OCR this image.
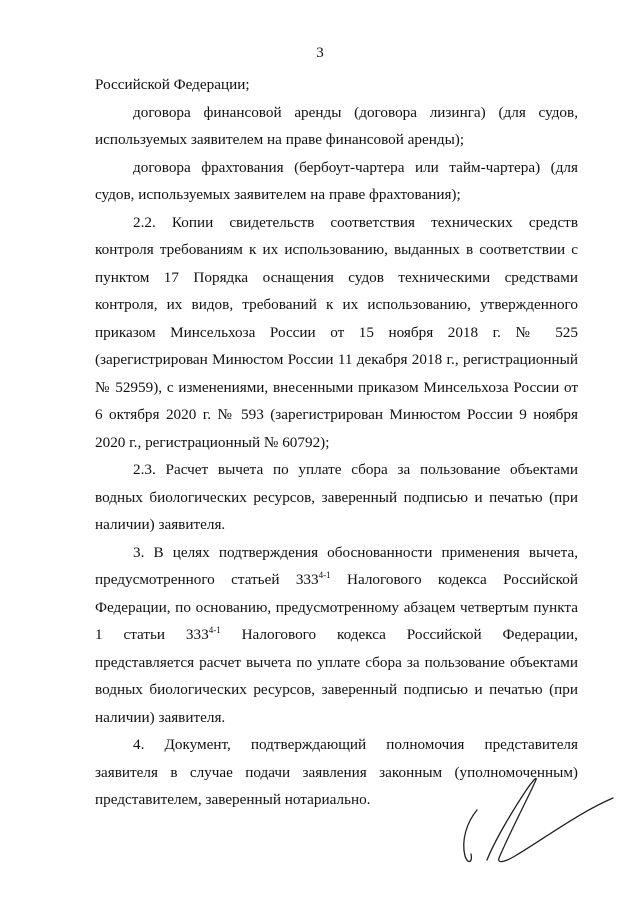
3

Российской Федерации;

договора финансовой аренды (договора лизинга) (для судов, используемых заявителем на праве финансовой аренды);

договора фрахтования (бербоут-чартера или тайм-чартера) (для судов, используемых заявителем на праве фрахтования);

2.2. Копии свидетельств соответствия технических средств контроля требованиям к их использованию, выданных в соответствии с пунктом 17 Порядка оснащения судов техническими средствами контроля, их видов, требований к их использованию, утвержденного приказом Минсельхоза России от 15 ноября 2018 г. № 525 (зарегистрирован Минюстом России 11 декабря 2018 г., регистрационный № 52959), с изменениями, внесенными приказом Минсельхоза России от 6 октября 2020 г. № 593 (зарегистрирован Минюстом России 9 ноября 2020 г., регистрационный № 60792);

2.3. Расчет вычета по уплате сбора за пользование объектами водных биологических ресурсов, заверенный подписью и печатью (при наличии) заявителя.

3. В целях подтверждения обоснованности применения вычета, предусмотренного статьей 333$^{4-1}$ Налогового кодекса Российской Федерации, по основанию, предусмотренному абзацем четвертым пункта 1 статьи 333$^{4-1}$ Налогового кодекса Российской Федерации, представляется расчет вычета по уплате сбора за пользование объектами водных биологических ресурсов, заверенный подписью и печатью (при наличии) заявителя.

4. Документ, подтверждающий полномочия представителя заявителя в случае подачи заявления законным (уполномоченным) представителем, заверенный нотариально.
